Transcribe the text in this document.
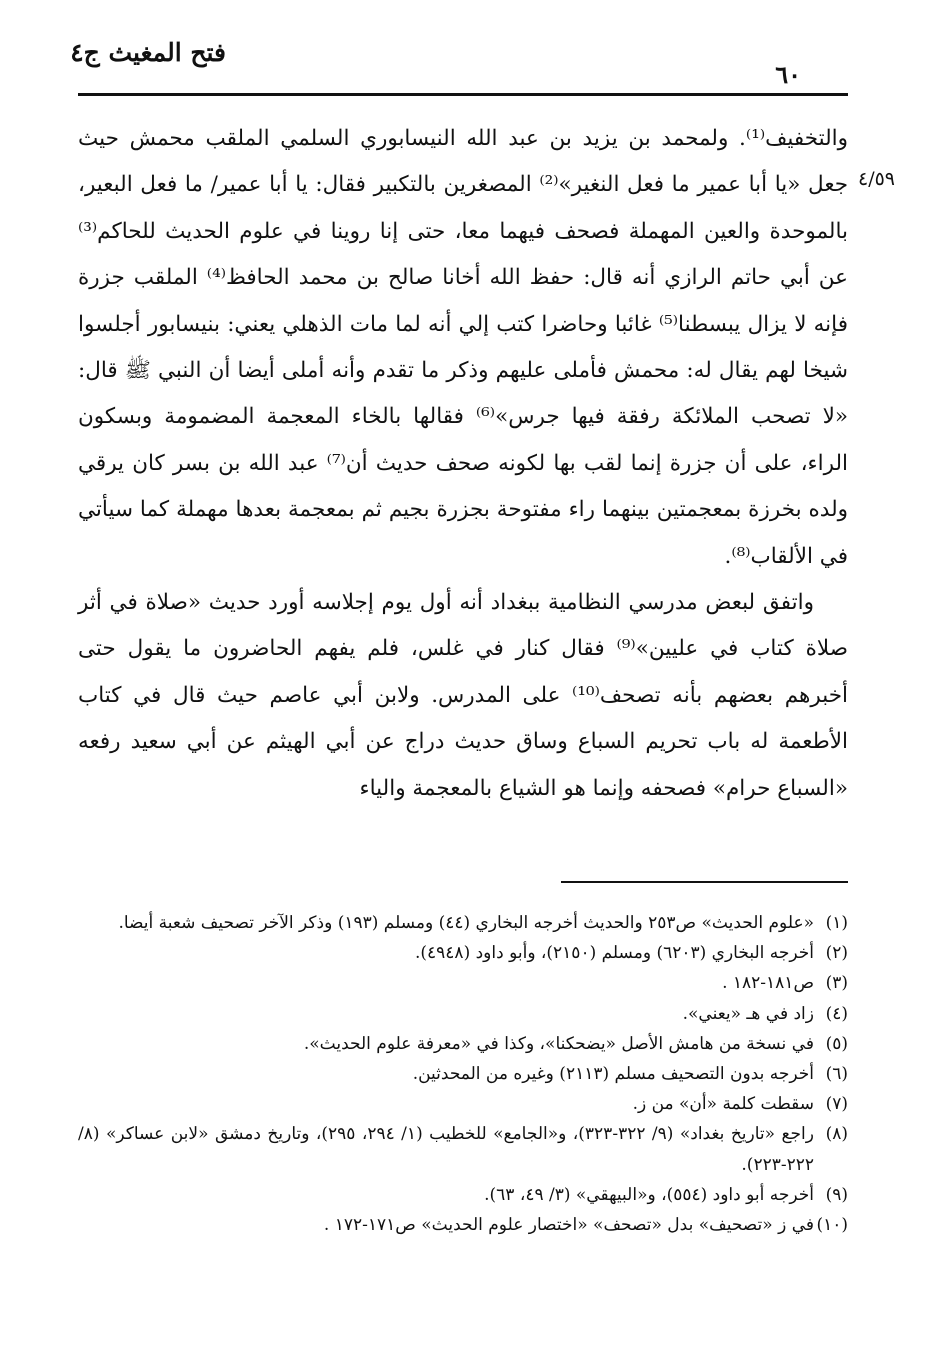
فتح المغيث ج٤
٦٠
٤/٥٩

والتخفيف⁽¹⁾. ولمحمد بن يزيد بن عبد الله النيسابوري السلمي الملقب محمش حيث جعل «يا أبا عمير ما فعل النغير»⁽²⁾ المصغرين بالتكبير فقال: يا أبا عمير/ ما فعل البعير، بالموحدة والعين المهملة فصحف فيهما معا، حتى إنا روينا في علوم الحديث للحاكم⁽³⁾ عن أبي حاتم الرازي أنه قال: حفظ الله أخانا صالح بن محمد الحافظ⁽⁴⁾ الملقب جزرة فإنه لا يزال يبسطنا⁽⁵⁾ غائبا وحاضرا كتب إلي أنه لما مات الذهلي يعني: بنيسابور أجلسوا شيخا لهم يقال له: محمش فأملى عليهم وذكر ما تقدم وأنه أملى أيضا أن النبي ﷺ قال: «لا تصحب الملائكة رفقة فيها جرس»⁽⁶⁾ فقالها بالخاء المعجمة المضمومة وبسكون الراء، على أن جزرة إنما لقب بها لكونه صحف حديث أن⁽⁷⁾ عبد الله بن بسر كان يرقي ولده بخرزة بمعجمتين بينهما راء مفتوحة بجزرة بجيم ثم بمعجمة بعدها مهملة كما سيأتي في الألقاب⁽⁸⁾.

واتفق لبعض مدرسي النظامية ببغداد أنه أول يوم إجلاسه أورد حديث «صلاة في أثر صلاة كتاب في عليين»⁽⁹⁾ فقال كنار في غلس، فلم يفهم الحاضرون ما يقول حتى أخبرهم بعضهم بأنه تصحف⁽¹⁰⁾ على المدرس. ولابن أبي عاصم حيث قال في كتاب الأطعمة له باب تحريم السباع وساق حديث دراج عن أبي الهيثم عن أبي سعيد رفعه «السباع حرام» فصحفه وإنما هو الشياع بالمعجمة والياء

(١)«علوم الحديث» ص٢٥٣ والحديث أخرجه البخاري (٤٤) ومسلم (١٩٣) وذكر الآخر تصحيف شعبة أيضا.

(٢)أخرجه البخاري (٦٢٠٣) ومسلم (٢١٥٠)، وأبو داود (٤٩٤٨).

(٣)ص١٨١-١٨٢ .

(٤)زاد في هـ «يعني».

(٥)في نسخة من هامش الأصل «يضحكنا»، وكذا في «معرفة علوم الحديث».

(٦)أخرجه بدون التصحيف مسلم (٢١١٣) وغيره من المحدثين.

(٧)سقطت كلمة «أن» من ز.

(٨)راجع «تاريخ بغداد» (٩/ ٣٢٢-٣٢٣)، و«الجامع» للخطيب (١/ ٢٩٤، ٢٩٥)، وتاريخ دمشق «لابن عساكر» (٨/ ٢٢٢-٢٢٣).

(٩)أخرجه أبو داود (٥٥٤)، و«البيهقي» (٣/ ٤٩، ٦٣).

(١٠)في ز «تصحيف» بدل «تصحف» «اختصار علوم الحديث» ص١٧١-١٧٢ .
